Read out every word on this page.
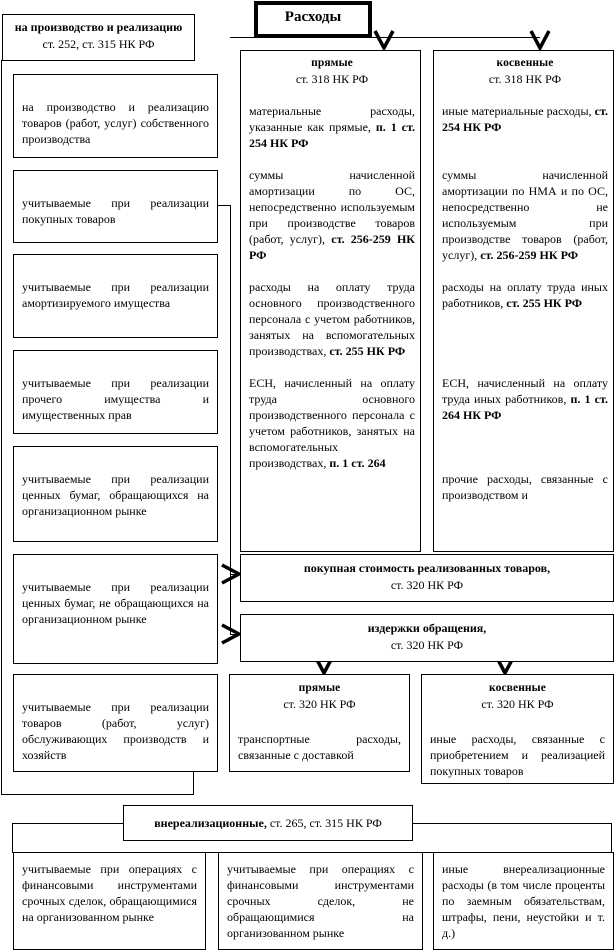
Расходы
на производство и реализацию
ст. 252, ст. 315 НК РФ
на производство и реализацию товаров (работ, услуг) собственного производства
учитываемые при реализации покупных товаров
учитываемые при реализации амортизируемого имущества
учитываемые при реализации прочего имущества и имущественных прав
учитываемые при реализации ценных бумаг, обращающихся на организационном рынке
учитываемые при реализации ценных бумаг, не обращающихся на организационном рынке
учитываемые при реализации товаров (работ, услуг) обслуживающих производств и хозяйств
прямые
ст. 318 НК РФ

материальные расходы, указанные как прямые, п. 1 ст. 254 НК РФ

суммы начисленной амортизации по ОС, непосредственно используемым при производстве товаров (работ, услуг), ст. 256-259 НК РФ

расходы на оплату труда основного производственного персонала с учетом работников, занятых на вспомогательных производствах, ст. 255 НК РФ

ЕСН, начисленный на оплату труда основного производственного персонала с учетом работников, занятых на вспомогательных производствах, п. 1 ст. 264

косвенные
ст. 318 НК РФ

иные материальные расходы, ст. 254 НК РФ

суммы начисленной амортизации по НМА и по ОС, непосредственно не используемым при производстве товаров (работ, услуг), ст. 256-259 НК РФ

расходы на оплату труда иных работников, ст. 255 НК РФ

ЕСН, начисленный на оплату труда иных работников, п. 1 ст. 264 НК РФ

прочие расходы, связанные с производством и

покупная стоимость реализованных товаров,
ст. 320 НК РФ
издержки обращения,
ст. 320 НК РФ
прямые
ст. 320 НК РФ
транспортные расходы, связанные с доставкой
косвенные
ст. 320 НК РФ
иные расходы, связанные с приобретением и реализацией покупных товаров
внереализационные, ст. 265, ст. 315 НК РФ
учитываемые при операциях с финансовыми инструментами срочных сделок, обращающимися на организованном рынке
учитываемые при операциях с финансовыми инструментами срочных сделок, не обращающимися на организованном рынке
иные внереализационные расходы (в том числе проценты по заемным обязательствам, штрафы, пени, неустойки и т. д.)
